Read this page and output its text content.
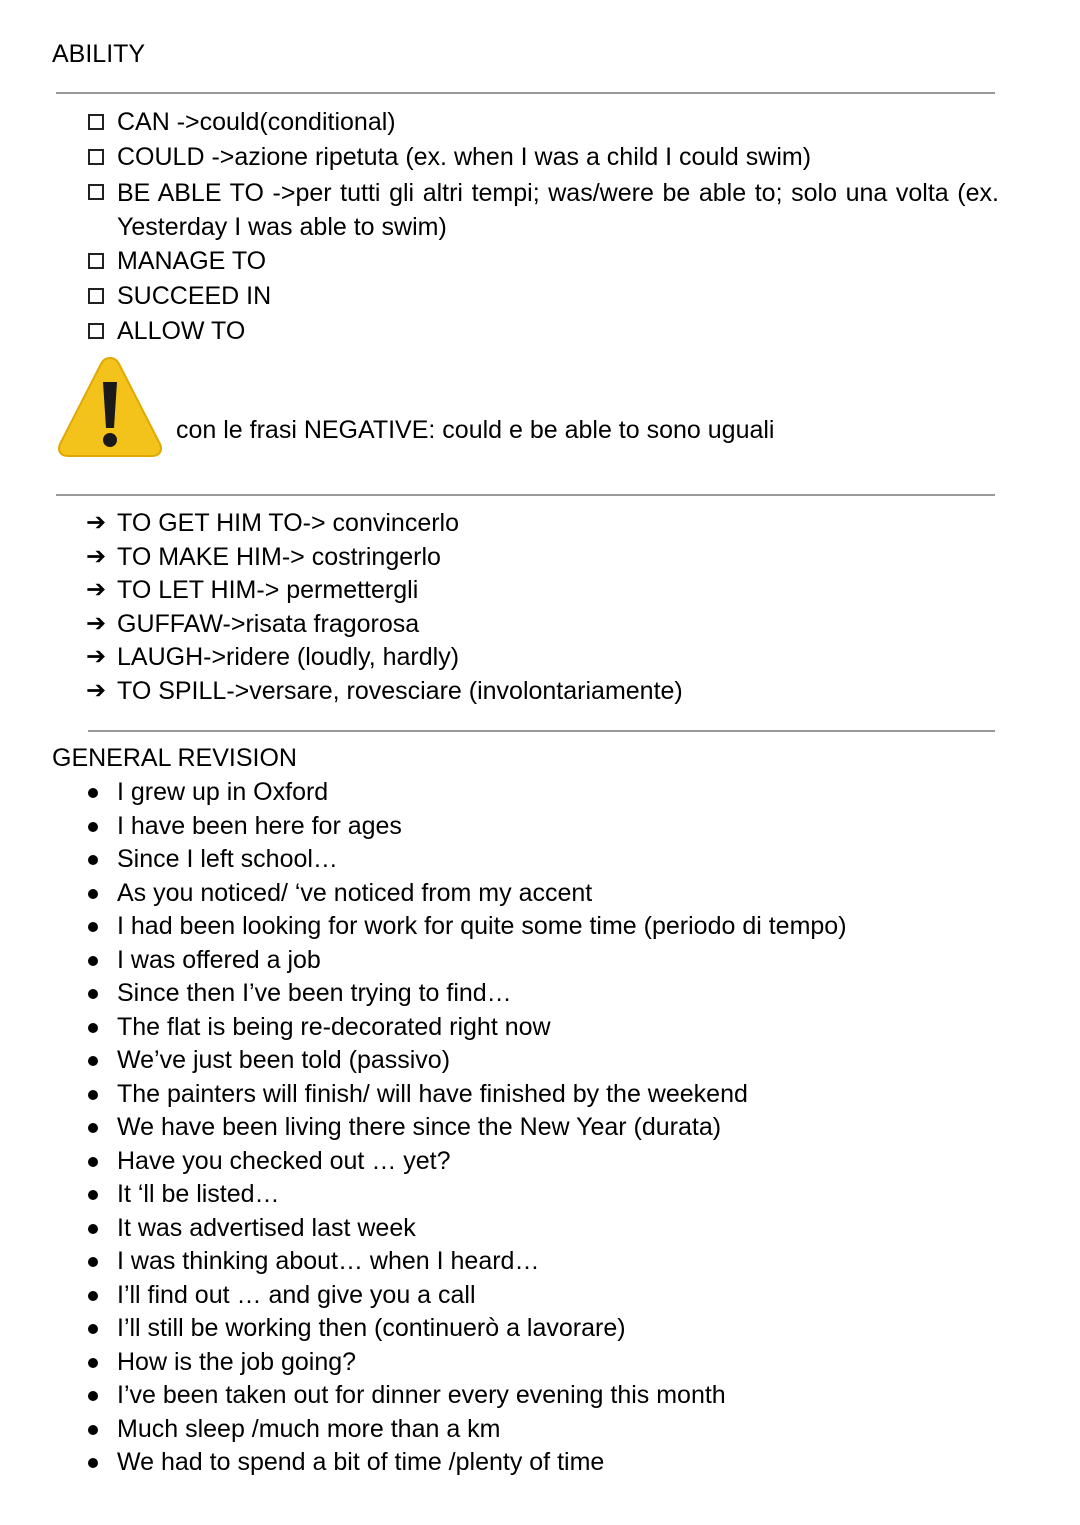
ABILITY
CAN ->could(conditional)
COULD ->azione ripetuta (ex. when I was a child I could swim)
BE ABLE TO ->per tutti gli altri tempi; was/were be able to; solo una volta (ex. Yesterday I was able to swim)
MANAGE TO
SUCCEED IN
ALLOW TO
con le frasi NEGATIVE: could e be able to sono uguali
➔ TO GET HIM TO-> convincerlo
➔ TO MAKE HIM-> costringerlo
➔ TO LET HIM-> permettergli
➔ GUFFAW->risata fragorosa
➔ LAUGH->ridere (loudly, hardly)
➔ TO SPILL->versare, rovesciare (involontariamente)
GENERAL REVISION
I grew up in Oxford
I have been here for ages
Since I left school…
As you noticed/ ‘ve noticed from my accent
I had been looking for work for quite some time (periodo di tempo)
I was offered a job
Since then I’ve been trying to find…
The flat is being re-decorated right now
We’ve just been told (passivo)
The painters will finish/ will have finished by the weekend
We have been living there since the New Year (durata)
Have you checked out … yet?
It ‘ll be listed…
It was advertised last week
I was thinking about… when I heard…
I’ll find out … and give you a call
I’ll still be working then (continuerò a lavorare)
How is the job going?
I’ve been taken out for dinner every evening this month
Much sleep /much more than a km
We had to spend a bit of time /plenty of time
